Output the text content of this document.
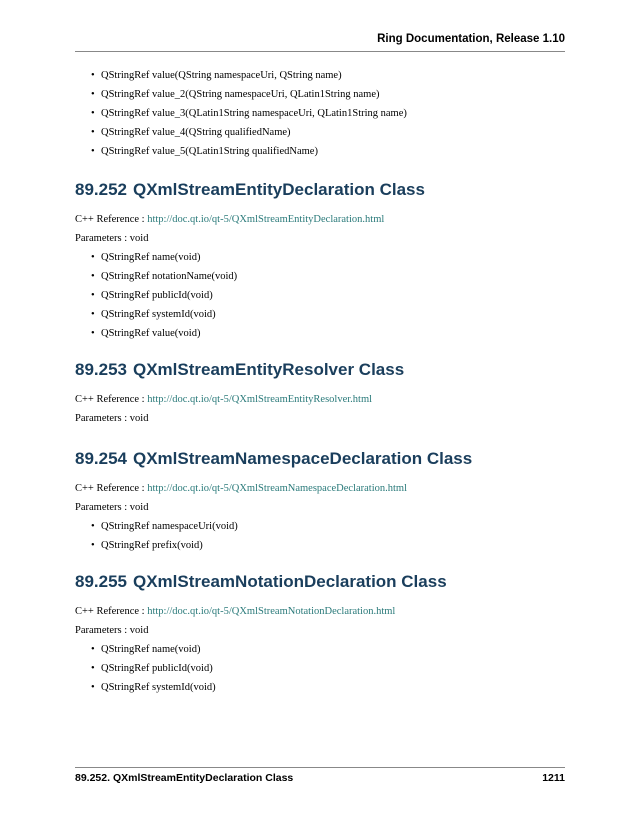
Ring Documentation, Release 1.10
• QStringRef value(QString namespaceUri, QString name)
• QStringRef value_2(QString namespaceUri, QLatin1String name)
• QStringRef value_3(QLatin1String namespaceUri, QLatin1String name)
• QStringRef value_4(QString qualifiedName)
• QStringRef value_5(QLatin1String qualifiedName)
89.252 QXmlStreamEntityDeclaration Class

C++ Reference : http://doc.qt.io/qt-5/QXmlStreamEntityDeclaration.html

Parameters : void

• QStringRef name(void)
• QStringRef notationName(void)
• QStringRef publicId(void)
• QStringRef systemId(void)
• QStringRef value(void)
89.253 QXmlStreamEntityResolver Class

C++ Reference : http://doc.qt.io/qt-5/QXmlStreamEntityResolver.html

Parameters : void

89.254 QXmlStreamNamespaceDeclaration Class

C++ Reference : http://doc.qt.io/qt-5/QXmlStreamNamespaceDeclaration.html

Parameters : void

• QStringRef namespaceUri(void)
• QStringRef prefix(void)
89.255 QXmlStreamNotationDeclaration Class

C++ Reference : http://doc.qt.io/qt-5/QXmlStreamNotationDeclaration.html

Parameters : void

• QStringRef name(void)
• QStringRef publicId(void)
• QStringRef systemId(void)
89.252. QXmlStreamEntityDeclaration Class	1211
